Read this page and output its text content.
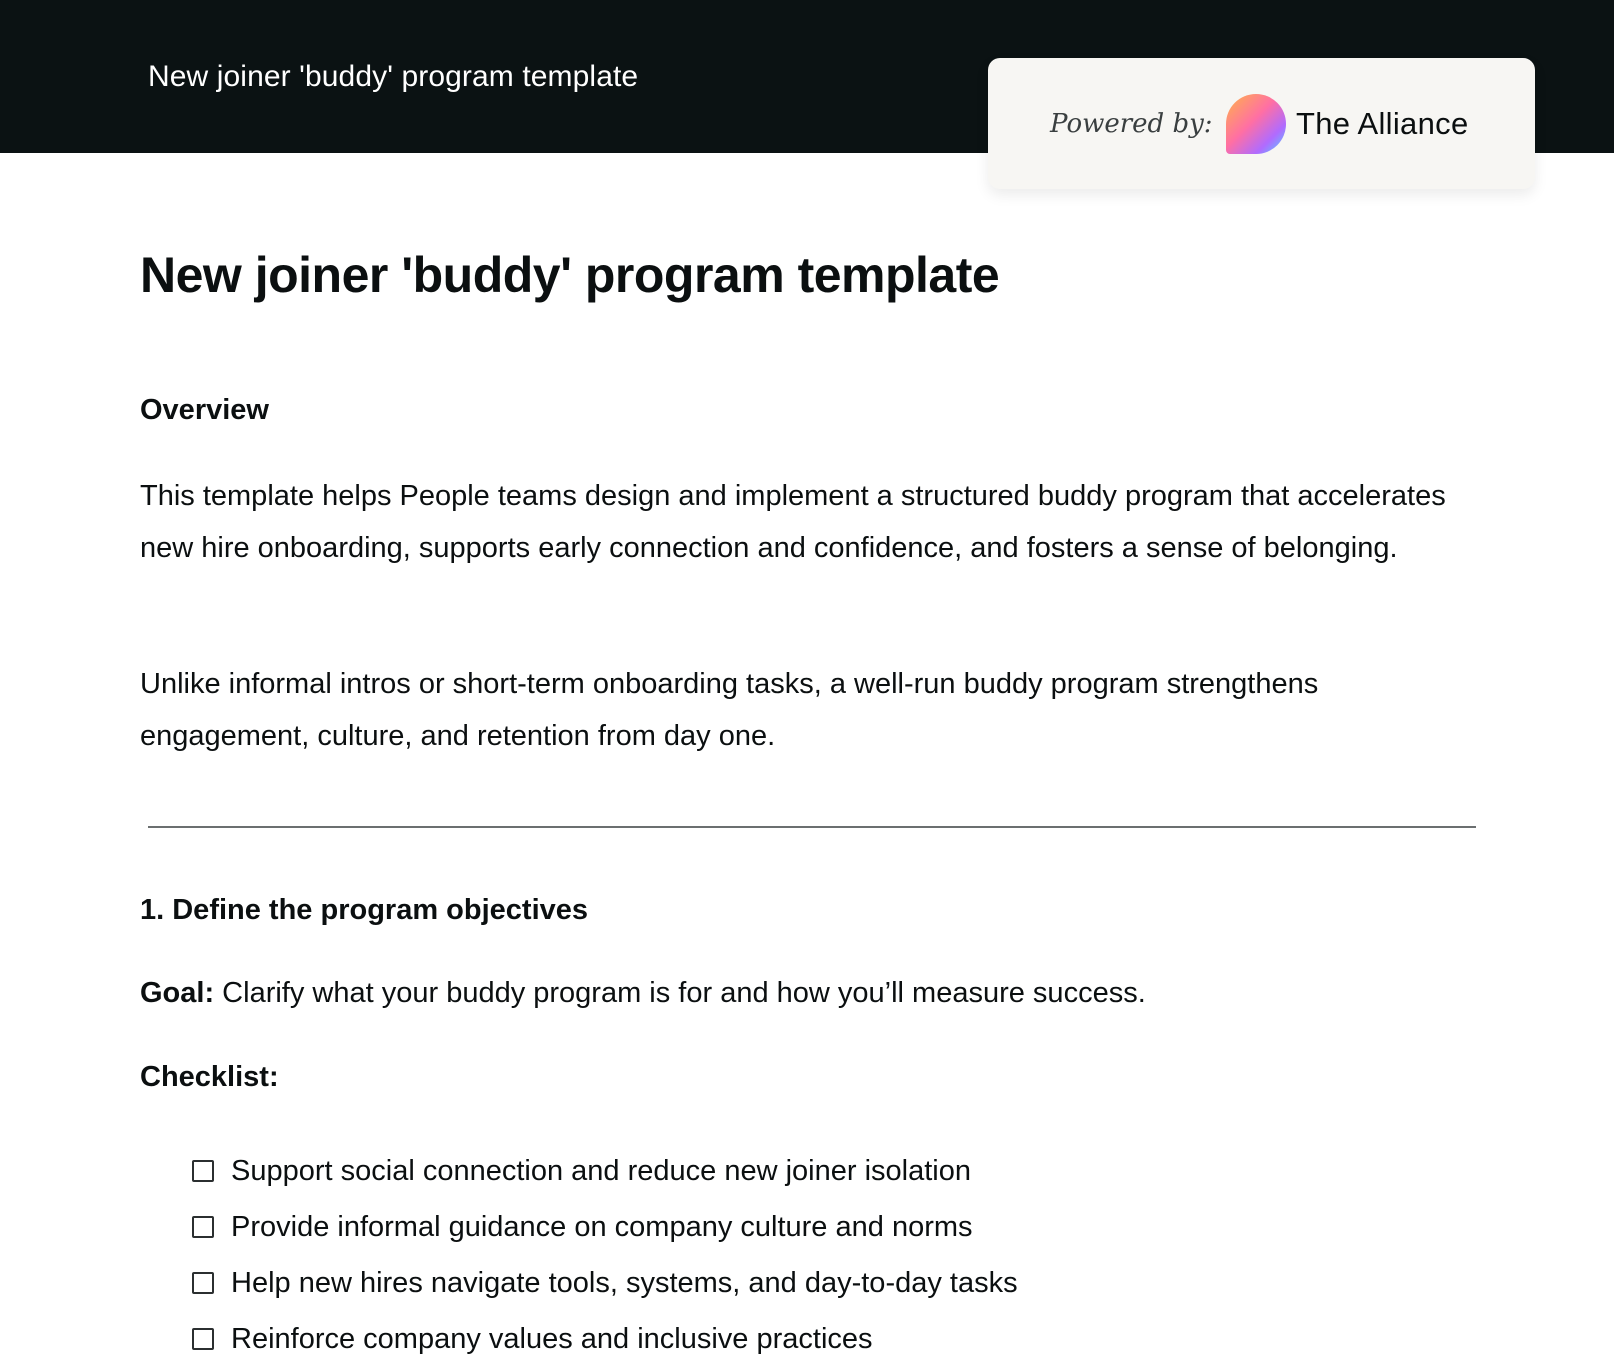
New joiner 'buddy' program template
Powered by:	The Alliance
New joiner 'buddy' program template
Overview

This template helps People teams design and implement a structured buddy program that accelerates new hire onboarding, supports early connection and confidence, and fosters a sense of belonging.

Unlike informal intros or short-term onboarding tasks, a well-run buddy program strengthens engagement, culture, and retention from day one.

1. Define the program objectives

Goal: Clarify what your buddy program is for and how you’ll measure success.

Checklist:
Support social connection and reduce new joiner isolation
Provide informal guidance on company culture and norms
Help new hires navigate tools, systems, and day-to-day tasks
Reinforce company values and inclusive practices
